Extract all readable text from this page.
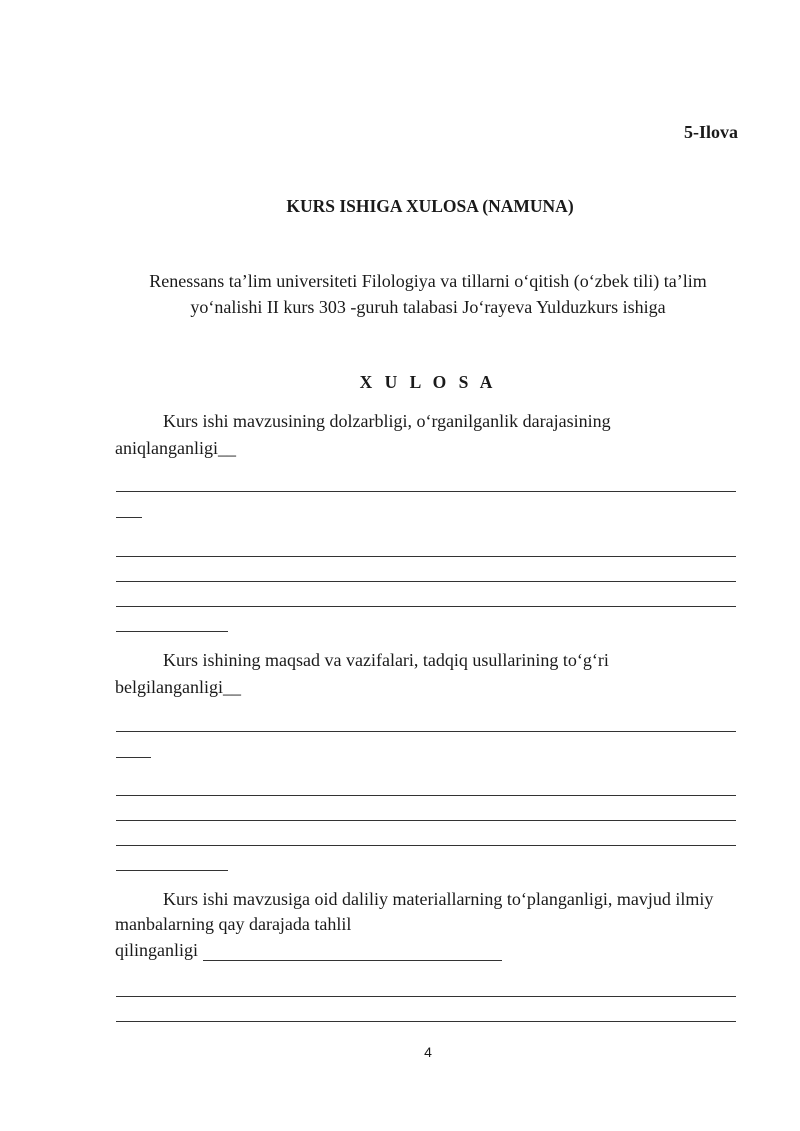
5-Ilova
KURS ISHIGA XULOSA (NAMUNA)
Renessans ta’lim universiteti Filologiya va tillarni o‘qitish (o‘zbek tili) ta’lim
yo‘nalishi II kurs 303 -guruh talabasi Jo‘rayeva Yulduzkurs ishiga
X U L O S A
Kurs ishi mavzusining dolzarbligi, o‘rganilganlik darajasining
aniqlanganligi__
Kurs ishining maqsad va vazifalari, tadqiq usullarining to‘g‘ri
belgilanganligi__
Kurs ishi mavzusiga oid daliliy materiallarning to‘planganligi, mavjud ilmiy
manbalarning qay darajada tahlil
qilinganligi
4
